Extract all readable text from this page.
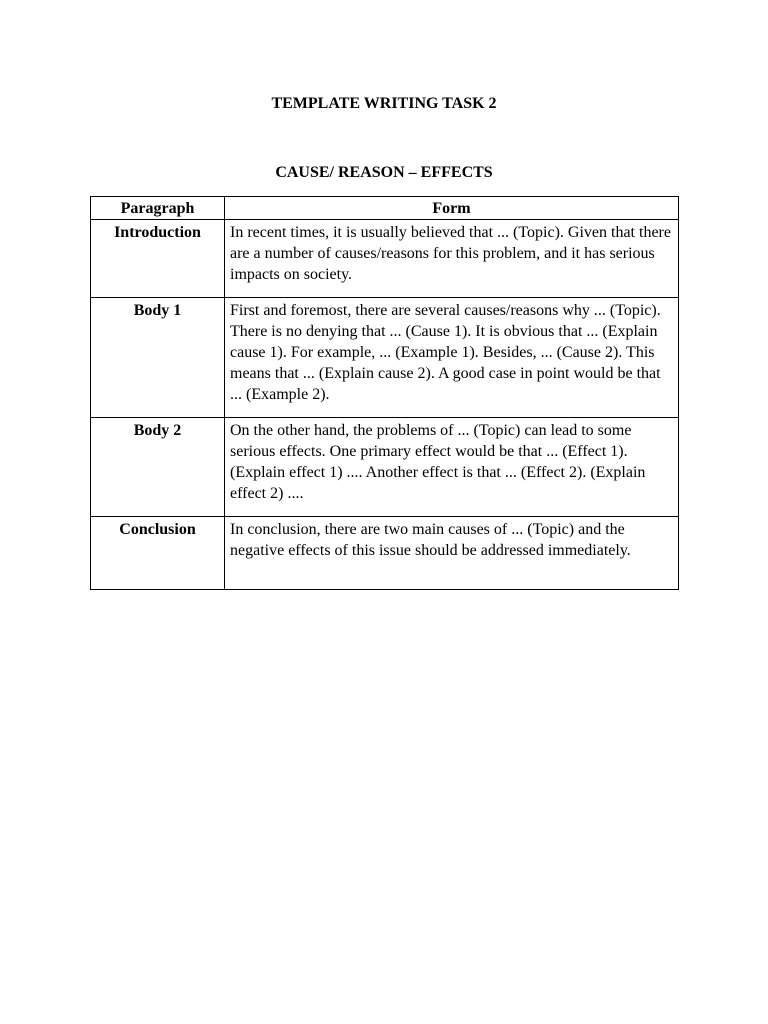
TEMPLATE WRITING TASK 2
CAUSE/ REASON – EFFECTS
Paragraph	Form
Introduction	In recent times, it is usually believed that ... (Topic). Given that there are a number of causes/reasons for this problem, and it has serious impacts on society.
Body 1	First and foremost, there are several causes/reasons why ... (Topic). There is no denying that ... (Cause 1). It is obvious that ... (Explain cause 1). For example, ... (Example 1). Besides, ... (Cause 2). This means that ... (Explain cause 2). A good case in point would be that ... (Example 2).
Body 2	On the other hand, the problems of ... (Topic) can lead to some serious effects. One primary effect would be that ... (Effect 1). (Explain effect 1) .... Another effect is that ... (Effect 2). (Explain effect 2) ....
Conclusion	In conclusion, there are two main causes of ... (Topic) and the negative effects of this issue should be addressed immediately.
